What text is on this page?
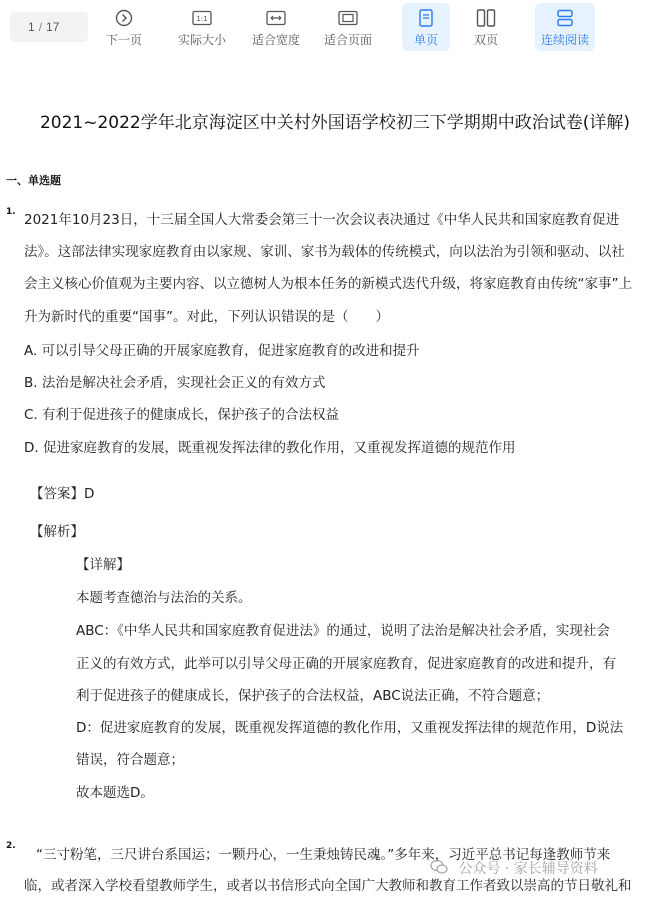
1 / 17
下一页
1:1
实际大小 适合宽度 适合页面	单页	双页	连续阅读
2021~2022学年北京海淀区中关村外国语学校初三下学期期中政治试卷(详解)
一、单选题
1. 2021年10月23日，十三届全国人大常委会第三十一次会议表决通过《中华人民共和国家庭教育促进
法》。这部法律实现家庭教育由以家规、家训、家书为载体的传统模式，向以法治为引领和驱动、以社
会主义核心价值观为主要内容、以立德树人为根本任务的新模式迭代升级，将家庭教育由传统“家事”上
升为新时代的重要“国事”。对此，下列认识错误的是（　　）
A. 可以引导父母正确的开展家庭教育，促进家庭教育的改进和提升
B. 法治是解决社会矛盾，实现社会正义的有效方式
C. 有利于促进孩子的健康成长，保护孩子的合法权益
D. 促进家庭教育的发展，既重视发挥法律的教化作用，又重视发挥道德的规范作用
【答案】D
【解析】
【详解】
本题考查德治与法治的关系。
ABC：《中华人民共和国家庭教育促进法》的通过，说明了法治是解决社会矛盾，实现社会
正义的有效方式，此举可以引导父母正确的开展家庭教育，促进家庭教育的改进和提升，有
利于促进孩子的健康成长，保护孩子的合法权益，ABC说法正确，不符合题意；
D：促进家庭教育的发展，既重视发挥道德的教化作用，又重视发挥法律的规范作用，D说法
错误，符合题意；
故本题选D。
2.
“三寸粉笔，三尺讲台系国运；一颗丹心，一生秉烛铸民魂。”多年来，习近平总书记每逢教师节来
临，或者深入学校看望教师学生，或者以书信形式向全国广大教师和教育工作者致以崇高的节日敬礼和
公众号 · 家长辅导资料
